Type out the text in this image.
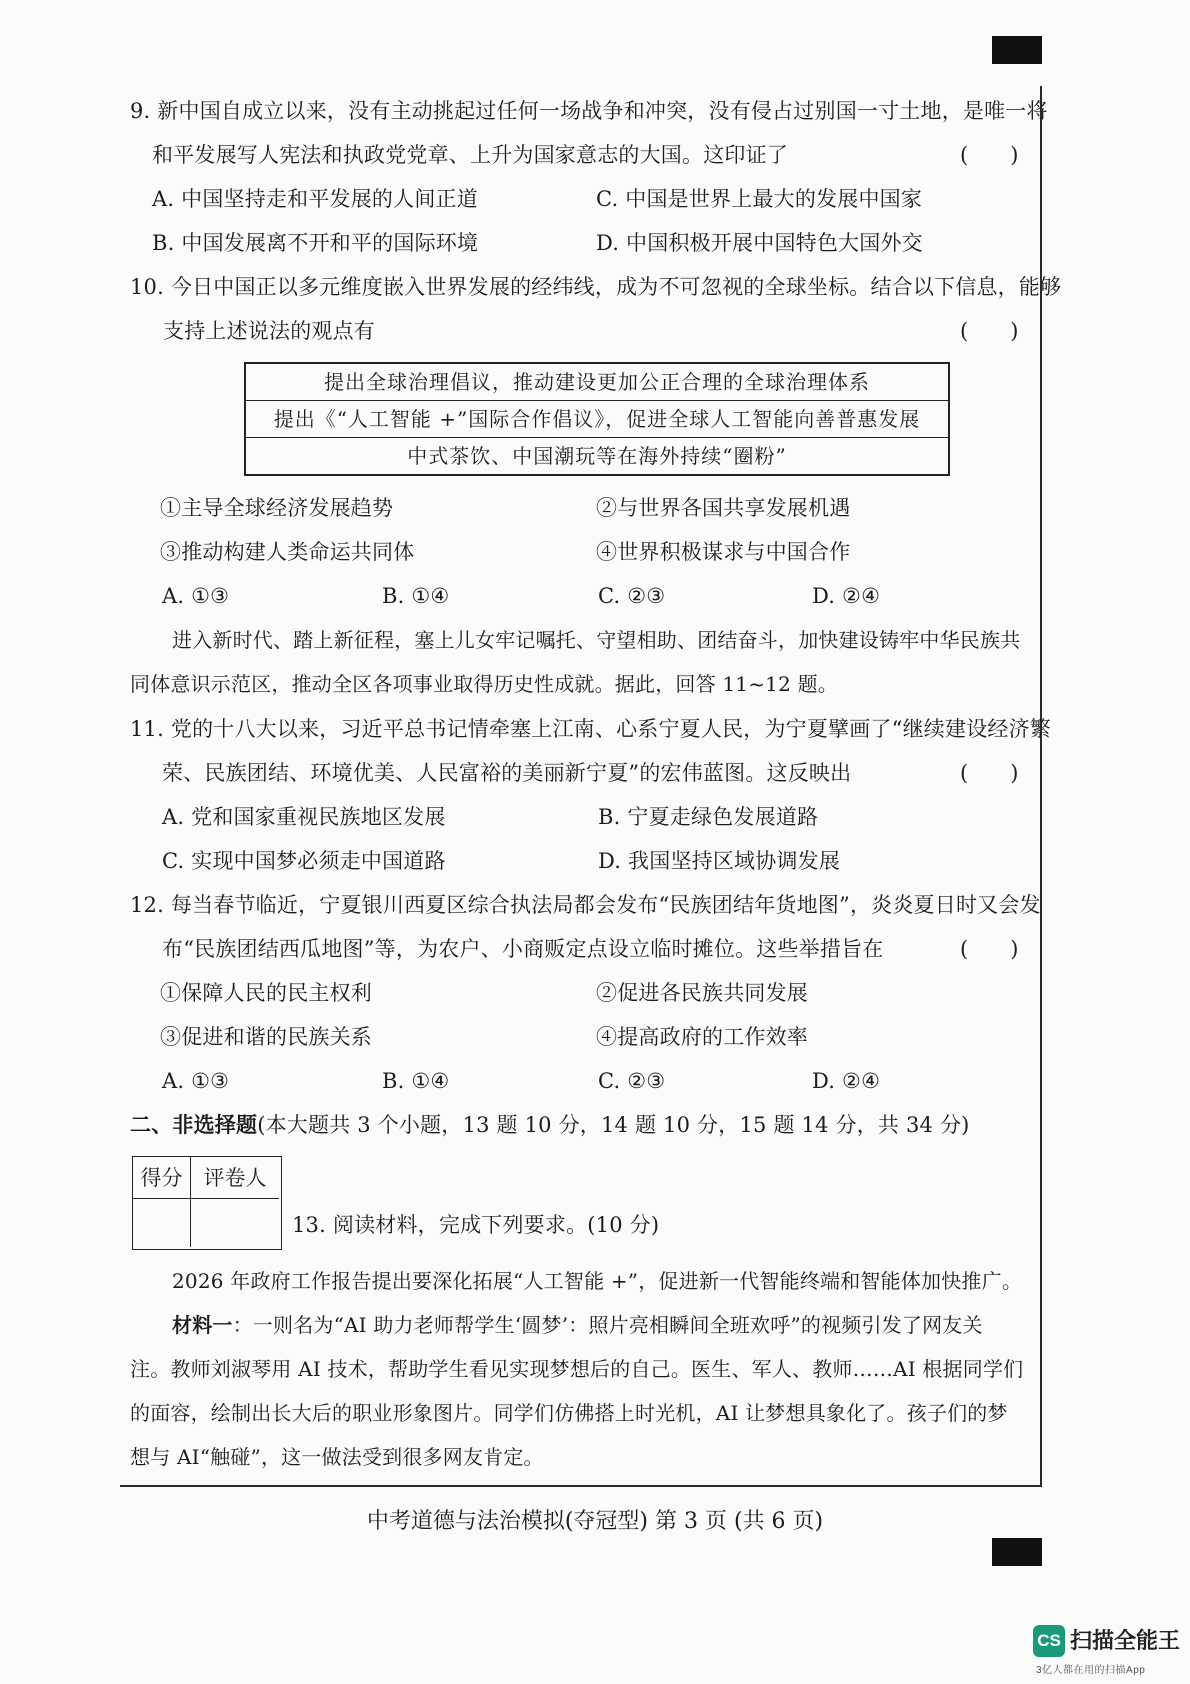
9. 新中国自成立以来，没有主动挑起过任何一场战争和冲突，没有侵占过别国一寸土地，是唯一将
和平发展写人宪法和执政党党章、上升为国家意志的大国。这印证了	(　　)
A. 中国坚持走和平发展的人间正道	C. 中国是世界上最大的发展中国家
B. 中国发展离不开和平的国际环境	D. 中国积极开展中国特色大国外交
10. 今日中国正以多元维度嵌入世界发展的经纬线，成为不可忽视的全球坐标。结合以下信息，能够
支持上述说法的观点有	(　　)
提出全球治理倡议，推动建设更加公正合理的全球治理体系
提出《“人工智能 +”国际合作倡议》，促进全球人工智能向善普惠发展
中式茶饮、中国潮玩等在海外持续“圈粉”
①主导全球经济发展趋势	②与世界各国共享发展机遇
③推动构建人类命运共同体	④世界积极谋求与中国合作
A. ①③	B. ①④	C. ②③	D. ②④
进入新时代、踏上新征程，塞上儿女牢记嘱托、守望相助、团结奋斗，加快建设铸牢中华民族共
同体意识示范区，推动全区各项事业取得历史性成就。据此，回答 11~12 题。
11. 党的十八大以来，习近平总书记情牵塞上江南、心系宁夏人民，为宁夏擘画了“继续建设经济繁
荣、民族团结、环境优美、人民富裕的美丽新宁夏”的宏伟蓝图。这反映出	(　　)
A. 党和国家重视民族地区发展	B. 宁夏走绿色发展道路
C. 实现中国梦必须走中国道路	D. 我国坚持区域协调发展
12. 每当春节临近，宁夏银川西夏区综合执法局都会发布“民族团结年货地图”，炎炎夏日时又会发
布“民族团结西瓜地图”等，为农户、小商贩定点设立临时摊位。这些举措旨在	(　　)
①保障人民的民主权利	②促进各民族共同发展
③促进和谐的民族关系	④提高政府的工作效率
A. ①③	B. ①④	C. ②③	D. ②④
二、非选择题(本大题共 3 个小题，13 题 10 分，14 题 10 分，15 题 14 分，共 34 分)
得分	评卷人
13. 阅读材料，完成下列要求。(10 分)
2026 年政府工作报告提出要深化拓展“人工智能 +”，促进新一代智能终端和智能体加快推广。
材料一：一则名为“AI 助力老师帮学生‘圆梦’：照片亮相瞬间全班欢呼”的视频引发了网友关
注。教师刘淑琴用 AI 技术，帮助学生看见实现梦想后的自己。医生、军人、教师……AI 根据同学们
的面容，绘制出长大后的职业形象图片。同学们仿佛搭上时光机，AI 让梦想具象化了。孩子们的梦
想与 AI“触碰”，这一做法受到很多网友肯定。
中考道德与法治模拟(夺冠型) 第 3 页 (共 6 页)
CS 扫描全能王
3亿人都在用的扫描App
